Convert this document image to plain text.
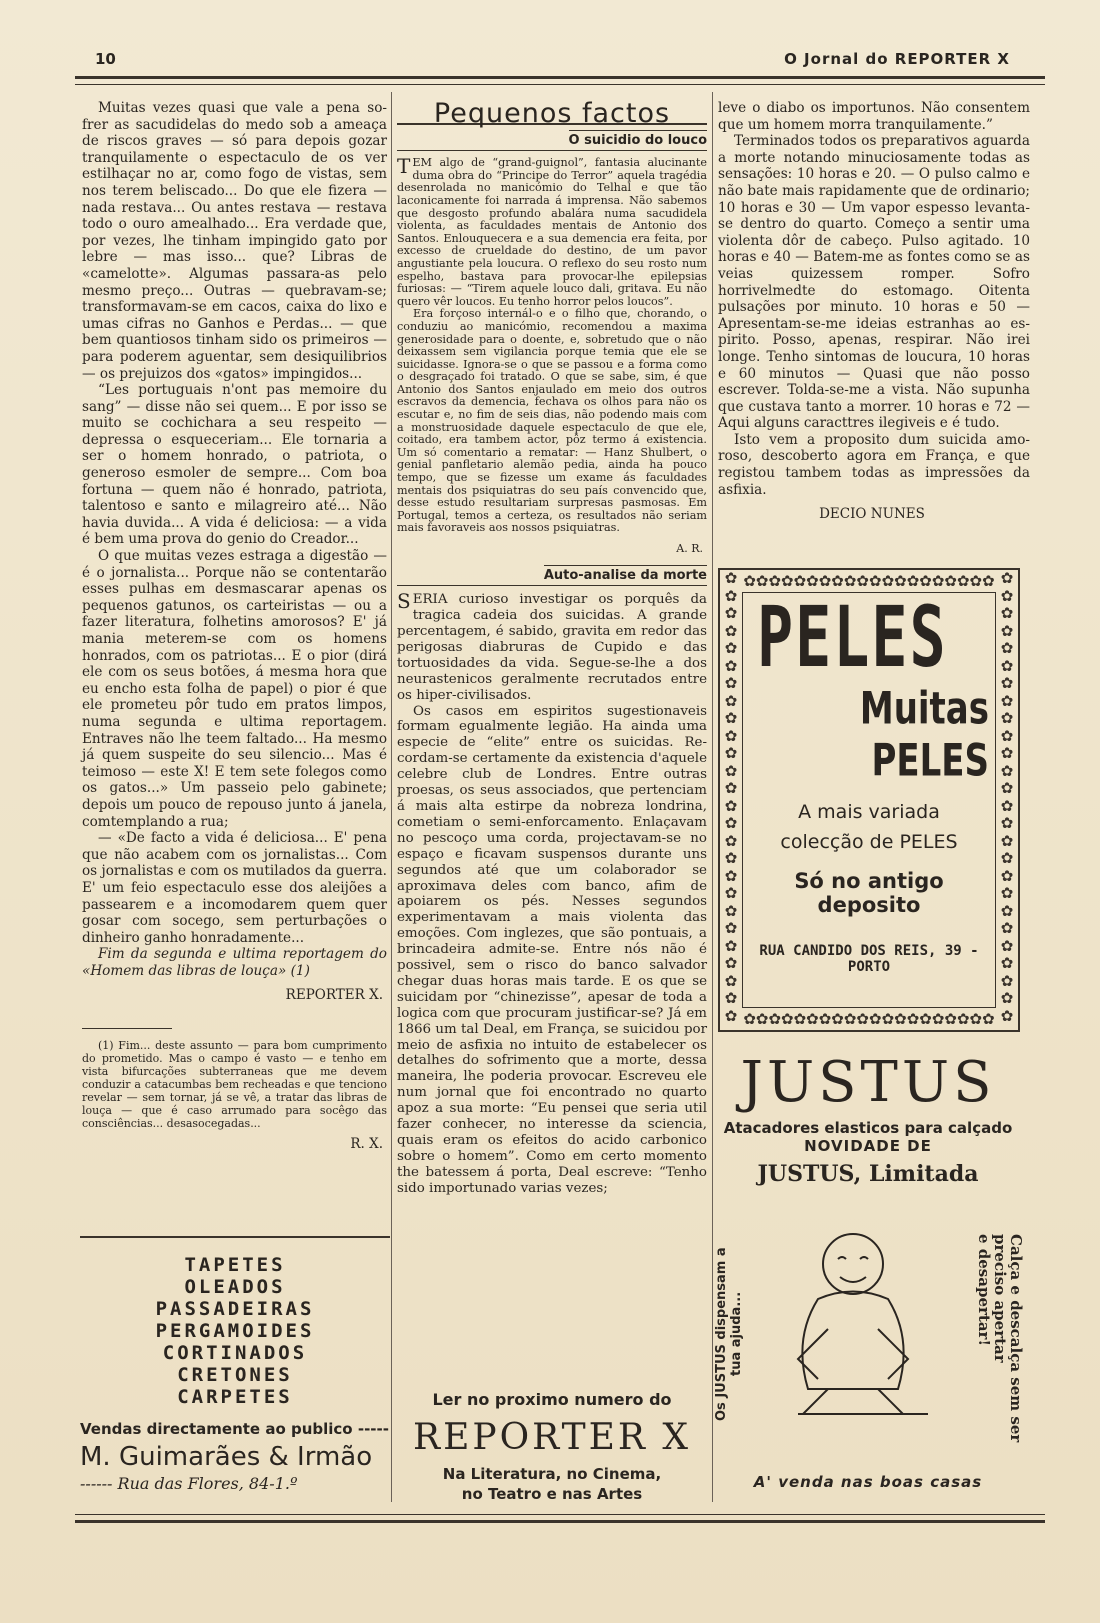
10	O Jornal do REPORTER X

Muitas vezes quasi que vale a pena sofrer as sacudidelas do medo sob a ameaça de riscos graves — só para depois gozar tranquilamente o espectaculo de os ver estilhaçar no ar, como fogo de vistas, sem nos terem beliscado... Do que ele fizera — nada restava... Ou antes restava — restava todo o ouro amealhado... Era verdade que, por vezes, lhe tinham impingido gato por lebre — mas isso... que? Libras de «camelotte». Algumas passara-as pelo mesmo preço... Outras — quebravam-se; transformavam-se em cacos, caixa do lixo e umas cifras no Ganhos e Perdas... — que bem quantiosos tinham sido os primeiros — para poderem aguentar, sem desiquilibrios — os prejuizos dos «gatos» impingidos...

“Les portuguais n'ont pas memoire du sang” — disse não sei quem... E por isso se muito se cochichara a seu respeito — depressa o esqueceriam... Ele tornaria a ser o homem honrado, o patriota, o generoso esmoler de sempre... Com boa fortuna — quem não é honrado, patriota, talentoso e santo e milagreiro até... Não havia duvida... A vida é deliciosa: — a vida é bem uma prova do genio do Creador...

O que muitas vezes estraga a digestão — é o jornalista... Porque não se contentarão esses pulhas em desmascarar apenas os pequenos gatunos, os carteiristas — ou a fazer literatura, folhetins amorosos? E' já mania meterem-se com os homens honrados, com os patriotas... E o pior (dirá ele com os seus botões, á mesma hora que eu encho esta folha de papel) o pior é que ele prometeu pôr tudo em pratos limpos, numa segunda e ultima reportagem. Entraves não lhe teem faltado... Ha mesmo já quem suspeite do seu silencio... Mas é teimoso — este X! E tem sete folegos como os gatos...» Um passeio pelo gabinete; depois um pouco de repouso junto á janela, comtemplando a rua;

— «De facto a vida é deliciosa... E' pena que não acabem com os jornalistas... Com os jornalistas e com os mutilados da guerra. E' um feio espectaculo esse dos aleijões a passearem e a incomodarem quem quer gosar com socego, sem perturbações o dinheiro ganho honradamente...

Fim da segunda e ultima reportagem do «Homem das libras de louça» (1)

REPORTER X.

(1) Fim... deste assunto — para bom cumprimento do prometido. Mas o campo é vasto — e tenho em vista bifurcações subterraneas que me devem conduzir a catacumbas bem recheadas e que tenciono revelar — sem tornar, já se vê, a tratar das libras de louça — que é caso arrumado para socêgo das consciências... desasocegadas...

R. X.
Pequenos factos
O suicidio do louco

TEM algo de “grand-guignol”, fantasia alucinante duma obra do “Principe do Terror” aquela tragédia desenrolada no manicómio do Telhal e que tão laconicamente foi narrada á imprensa. Não sabemos que desgosto profundo abalára numa sacudidela violenta, as faculdades mentais de Antonio dos Santos. Enlouquecera e a sua demencia era feita, por excesso de crueldade do destino, de um pavor angustiante pela loucura. O reflexo do seu rosto num espelho, bastava para provocar-lhe epilepsias furiosas: — “Tirem aquele louco dali, gritava. Eu não quero vêr loucos. Eu tenho horror pelos loucos”.

Era forçoso internál-o e o filho que, chorando, o conduziu ao manicómio, recomendou a maxima generosidade para o doente, e, sobretudo que o não deixassem sem vigilancia porque temia que ele se suicidasse. Ignora-se o que se passou e a forma como o desgraçado foi tratado. O que se sabe, sim, é que Antonio dos Santos enjaulado em meio dos outros escravos da demencia, fechava os olhos para não os escutar e, no fim de seis dias, não podendo mais com a monstruosidade daquele espectaculo de que ele, coitado, era tambem actor, pôz termo á existencia. Um só comentario a rematar: — Hanz Shulbert, o genial panfletario alemão pedia, ainda ha pouco tempo, que se fizesse um exame ás faculdades mentais dos psiquiatras do seu país convencido que, desse estudo resultariam surpresas pasmosas. Em Portugal, temos a certeza, os resultados não seriam mais favoraveis aos nossos psiquiatras.

A. R.
Auto-analise da morte

S ERIA curioso investigar os porquês da tragica cadeia dos suicidas. A grande percentagem, é sabido, gravita em redor das perigosas diabruras de Cupido e das tortuosidades da vida. Segue-se-lhe a dos neurastenicos geralmente recrutados entre os hiper-civilisados.

Os casos em espiritos sugestionaveis formam egualmente legião. Ha ainda uma especie de “elite” entre os suicidas. Recordam-se certamente da existencia d'aquele celebre club de Londres. Entre outras proesas, os seus associados, que pertenciam á mais alta estirpe da nobreza londrina, cometiam o semi-enforcamento. Enlaçavam no pescoço uma corda, projectavam-se no espaço e ficavam suspensos durante uns segundos até que um colaborador se aproximava deles com banco, afim de apoiarem os pés. Nesses segundos experimentavam a mais violenta das emoções. Com inglezes, que são pontuais, a brincadeira admite-se. Entre nós não é possivel, sem o risco do banco salvador chegar duas horas mais tarde. E os que se suicidam por “chinezisse”, apesar de toda a logica com que procuram justificar-se? Já em 1866 um tal Deal, em França, se suicidou por meio de asfixia no intuito de estabelecer os detalhes do sofrimento que a morte, dessa maneira, lhe poderia provocar. Escreveu ele num jornal que foi encontrado no quarto apoz a sua morte: “Eu pensei que seria util fazer conhecer, no interesse da sciencia, quais eram os efeitos do acido carbonico sobre o homem”. Como em certo momento the batessem á porta, Deal escreve: “Tenho sido importunado varias vezes;

Ler no proximo numero do
REPORTER X
Na Literatura, no Cinema,
no Teatro e nas Artes

leve o diabo os importunos. Não consentem que um homem morra tranquilamente.”

Terminados todos os preparativos aguarda a morte notando minuciosamente todas as sensações: 10 horas e 20. — O pulso calmo e não bate mais rapidamente que de ordinario; 10 horas e 30 — Um vapor espesso levanta-se dentro do quarto. Começo a sentir uma violenta dôr de cabeço. Pulso agitado. 10 horas e 40 — Batem-me as fontes como se as veias quizessem romper. Sofro horrivelmedte do estomago. Oitenta pulsações por minuto. 10 horas e 50 — Apresentam-se-me ideias estranhas ao espirito. Posso, apenas, respirar. Não irei longe. Tenho sintomas de loucura, 10 horas e 60 minutos — Quasi que não posso escrever. Tolda-se-me a vista. Não supunha que custava tanto a morrer. 10 horas e 72 — Aqui alguns caracttres ilegiveis e é tudo.

Isto vem a proposito dum suicida amoroso, descoberto agora em França, e que registou tambem todas as impressões da asfixia.

DECIO NUNES
✿✿✿✿✿✿✿✿✿✿✿✿✿✿✿✿✿✿✿✿
✿✿✿✿✿✿✿✿✿✿✿✿✿✿✿✿✿✿✿✿
✿✿✿✿✿✿✿✿✿✿✿✿✿✿✿✿✿✿✿✿✿✿✿✿✿✿
✿✿✿✿✿✿✿✿✿✿✿✿✿✿✿✿✿✿✿✿✿✿✿✿✿✿
PELES
Muitas PELES
A mais variada
colecção de PELES
Só no antigo deposito
RUA CANDIDO DOS REIS, 39 - PORTO
JUSTUS
Atacadores elasticos para calçado
NOVIDADE DE
JUSTUS, Limitada
Os JUSTUS dispensam a tua ajuda...	Calça e descalça sem ser
preciso apertar
e desapertar!
A' venda nas boas casas
TAPETES
OLEADOS
PASSADEIRAS
PERGAMOIDES
CORTINADOS
CRETONES
CARPETES
Vendas directamente ao publico -----
M. Guimarães & Irmão
------ Rua das Flores, 84-1.º
